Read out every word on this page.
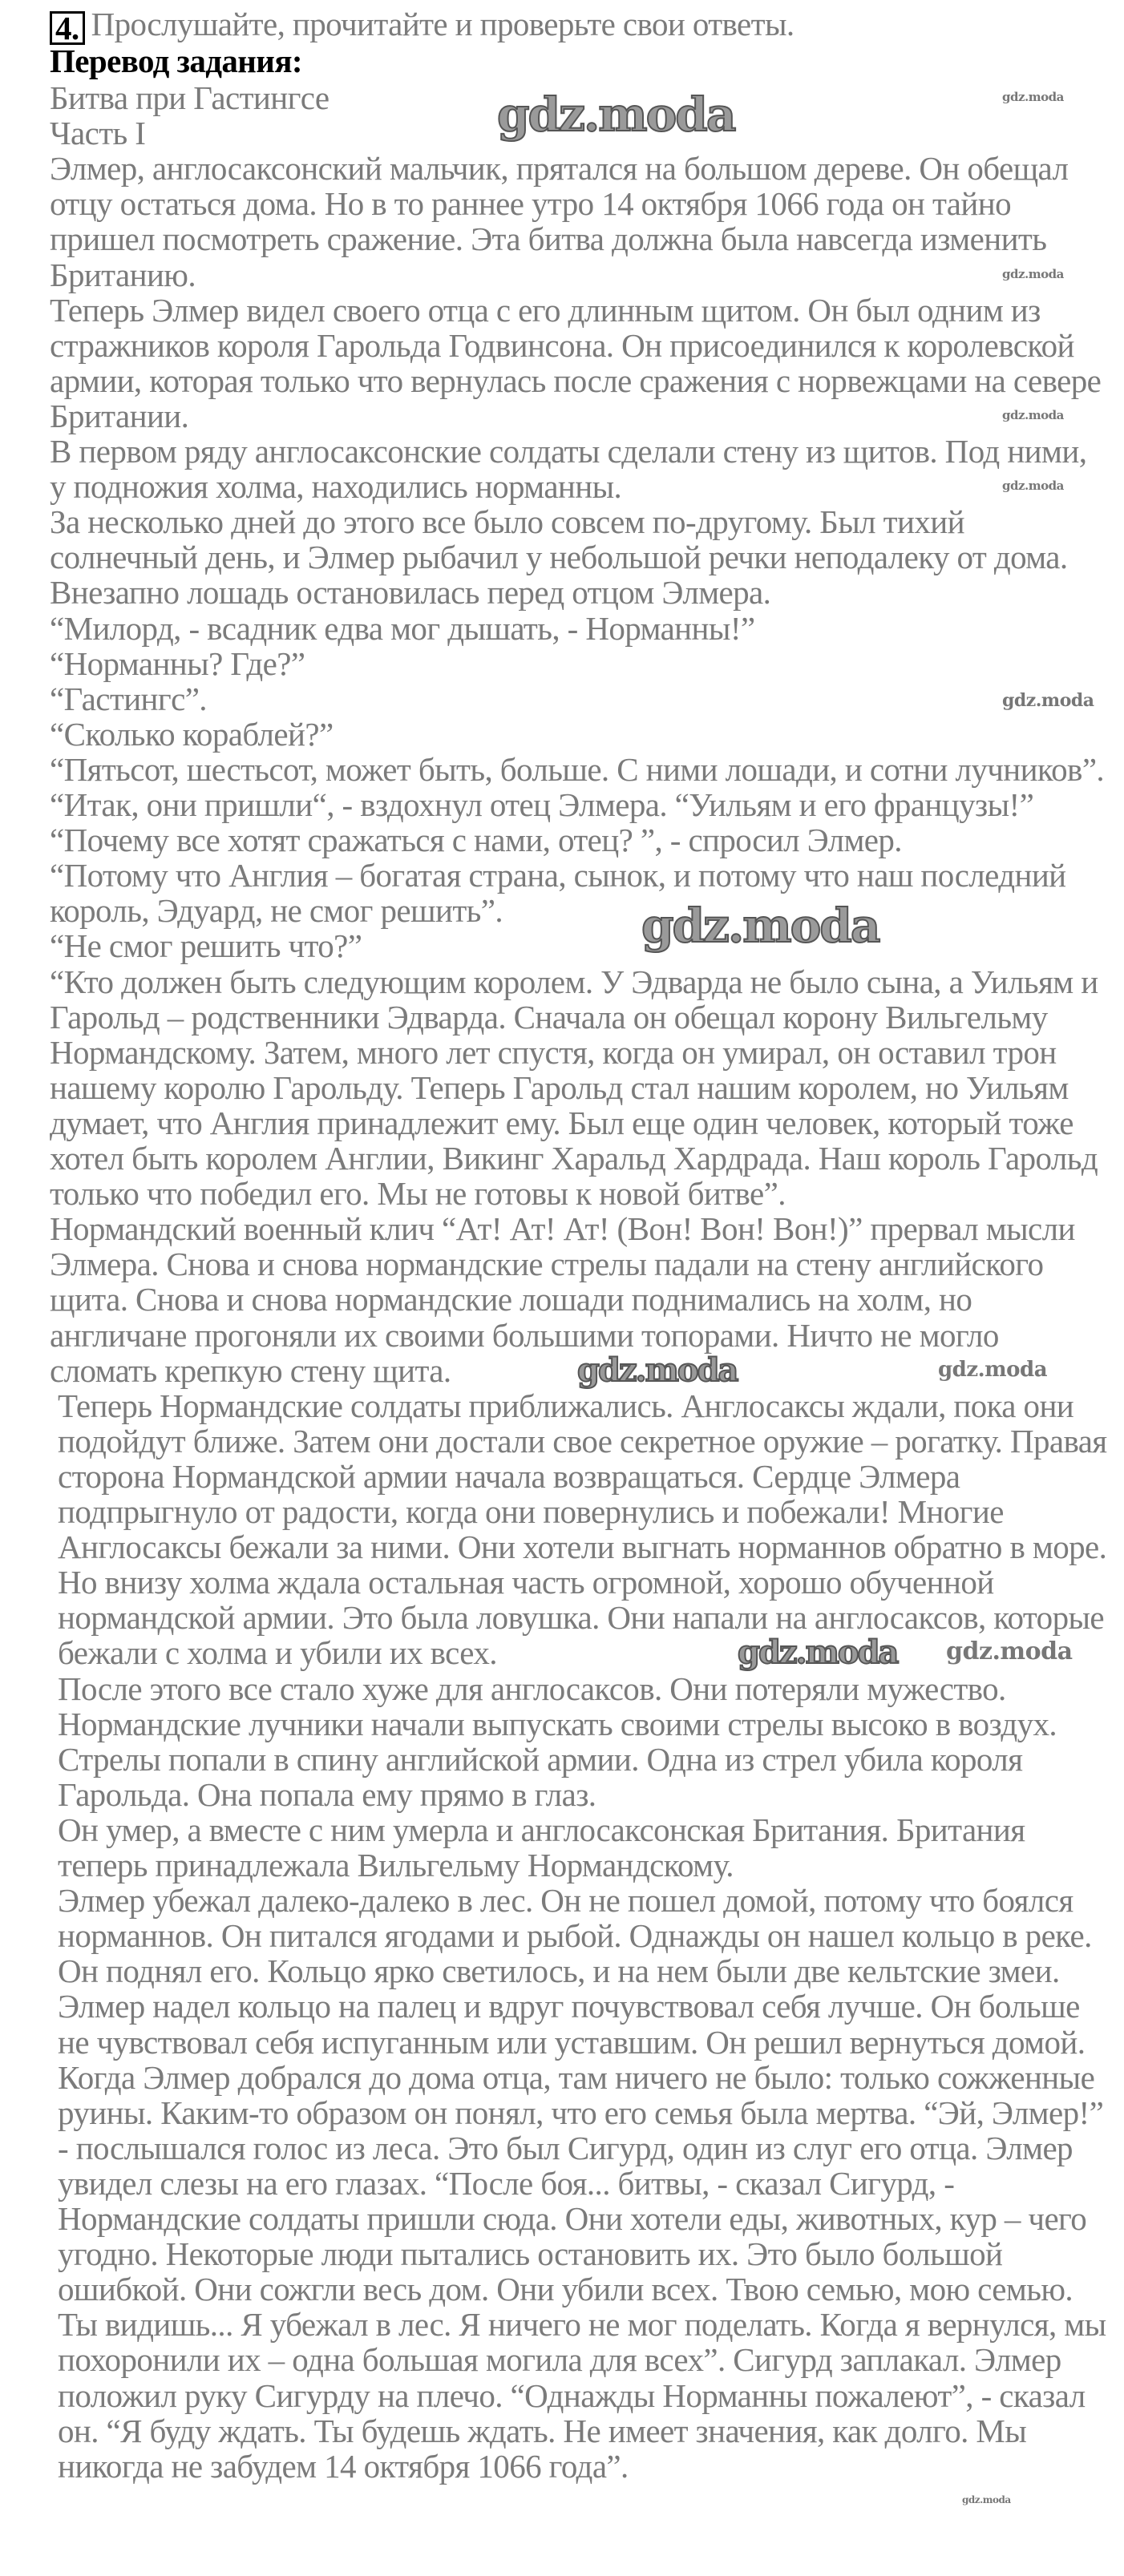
4. Прослушайте, прочитайте и проверьте свои ответы.
Перевод задания:
Битва при Гастингсе
Часть I
Элмер, англосаксонский мальчик, прятался на большом дереве. Он обещал
отцу остаться дома. Но в то раннее утро 14 октября 1066 года он тайно
пришел посмотреть сражение. Эта битва должна была навсегда изменить
Британию.
Теперь Элмер видел своего отца с его длинным щитом. Он был одним из
стражников короля Гарольда Годвинсона. Он присоединился к королевской
армии, которая только что вернулась после сражения с норвежцами на севере
Британии.
В первом ряду англосаксонские солдаты сделали стену из щитов. Под ними,
у подножия холма, находились норманны.
За несколько дней до этого все было совсем по-другому. Был тихий
солнечный день, и Элмер рыбачил у небольшой речки неподалеку от дома.
Внезапно лошадь остановилась перед отцом Элмера.
“Милорд, - всадник едва мог дышать, - Норманны!”
“Норманны? Где?”
“Гастингс”.
“Сколько кораблей?”
“Пятьсот, шестьсот, может быть, больше. С ними лошади, и сотни лучников”.
“Итак, они пришли“, - вздохнул отец Элмера. “Уильям и его французы!”
“Почему все хотят сражаться с нами, отец? ”, - спросил Элмер.
“Потому что Англия – богатая страна, сынок, и потому что наш последний
король, Эдуард, не смог решить”.
“Не смог решить что?”
“Кто должен быть следующим королем. У Эдварда не было сына, а Уильям и
Гарольд – родственники Эдварда. Сначала он обещал корону Вильгельму
Нормандскому. Затем, много лет спустя, когда он умирал, он оставил трон
нашему королю Гарольду. Теперь Гарольд стал нашим королем, но Уильям
думает, что Англия принадлежит ему. Был еще один человек, который тоже
хотел быть королем Англии, Викинг Харальд Хардрада. Наш король Гарольд
только что победил его. Мы не готовы к новой битве”.
Нормандский военный клич “Ат! Ат! Ат! (Вон! Вон! Вон!)” прервал мысли
Элмера. Снова и снова нормандские стрелы падали на стену английского
щита. Снова и снова нормандские лошади поднимались на холм, но
англичане прогоняли их своими большими топорами. Ничто не могло
сломать крепкую стену щита.
Теперь Нормандские солдаты приближались. Англосаксы ждали, пока они
подойдут ближе. Затем они достали свое секретное оружие – рогатку. Правая
сторона Нормандской армии начала возвращаться. Сердце Элмера
подпрыгнуло от радости, когда они повернулись и побежали! Многие
Англосаксы бежали за ними. Они хотели выгнать норманнов обратно в море.
Но внизу холма ждала остальная часть огромной, хорошо обученной
нормандской армии. Это была ловушка. Они напали на англосаксов, которые
бежали с холма и убили их всех.
После этого все стало хуже для англосаксов. Они потеряли мужество.
Нормандские лучники начали выпускать своими стрелы высоко в воздух.
Стрелы попали в спину английской армии. Одна из стрел убила короля
Гарольда. Она попала ему прямо в глаз.
Он умер, а вместе с ним умерла и англосаксонская Британия. Британия
теперь принадлежала Вильгельму Нормандскому.
Элмер убежал далеко-далеко в лес. Он не пошел домой, потому что боялся
норманнов. Он питался ягодами и рыбой. Однажды он нашел кольцо в реке.
Он поднял его. Кольцо ярко светилось, и на нем были две кельтские змеи.
Элмер надел кольцо на палец и вдруг почувствовал себя лучше. Он больше
не чувствовал себя испуганным или уставшим. Он решил вернуться домой.
Когда Элмер добрался до дома отца, там ничего не было: только сожженные
руины. Каким-то образом он понял, что его семья была мертва. “Эй, Элмер!”
- послышался голос из леса. Это был Сигурд, один из слуг его отца. Элмер
увидел слезы на его глазах. “После боя... битвы, - сказал Сигурд, -
Нормандские солдаты пришли сюда. Они хотели еды, животных, кур – чего
угодно. Некоторые люди пытались остановить их. Это было большой
ошибкой. Они сожгли весь дом. Они убили всех. Твою семью, мою семью.
Ты видишь... Я убежал в лес. Я ничего не мог поделать. Когда я вернулся, мы
похоронили их – одна большая могила для всех”. Сигурд заплакал. Элмер
положил руку Сигурду на плечо. “Однажды Норманны пожалеют”, - сказал
он. “Я буду ждать. Ты будешь ждать. Не имеет значения, как долго. Мы
никогда не забудем 14 октября 1066 года”.
gdz.moda
gdz.moda
gdz.moda
gdz.moda
gdz.moda
gdz.moda
gdz.moda
gdz.moda
gdz.moda
gdz.moda
gdz.moda
gdz.moda
